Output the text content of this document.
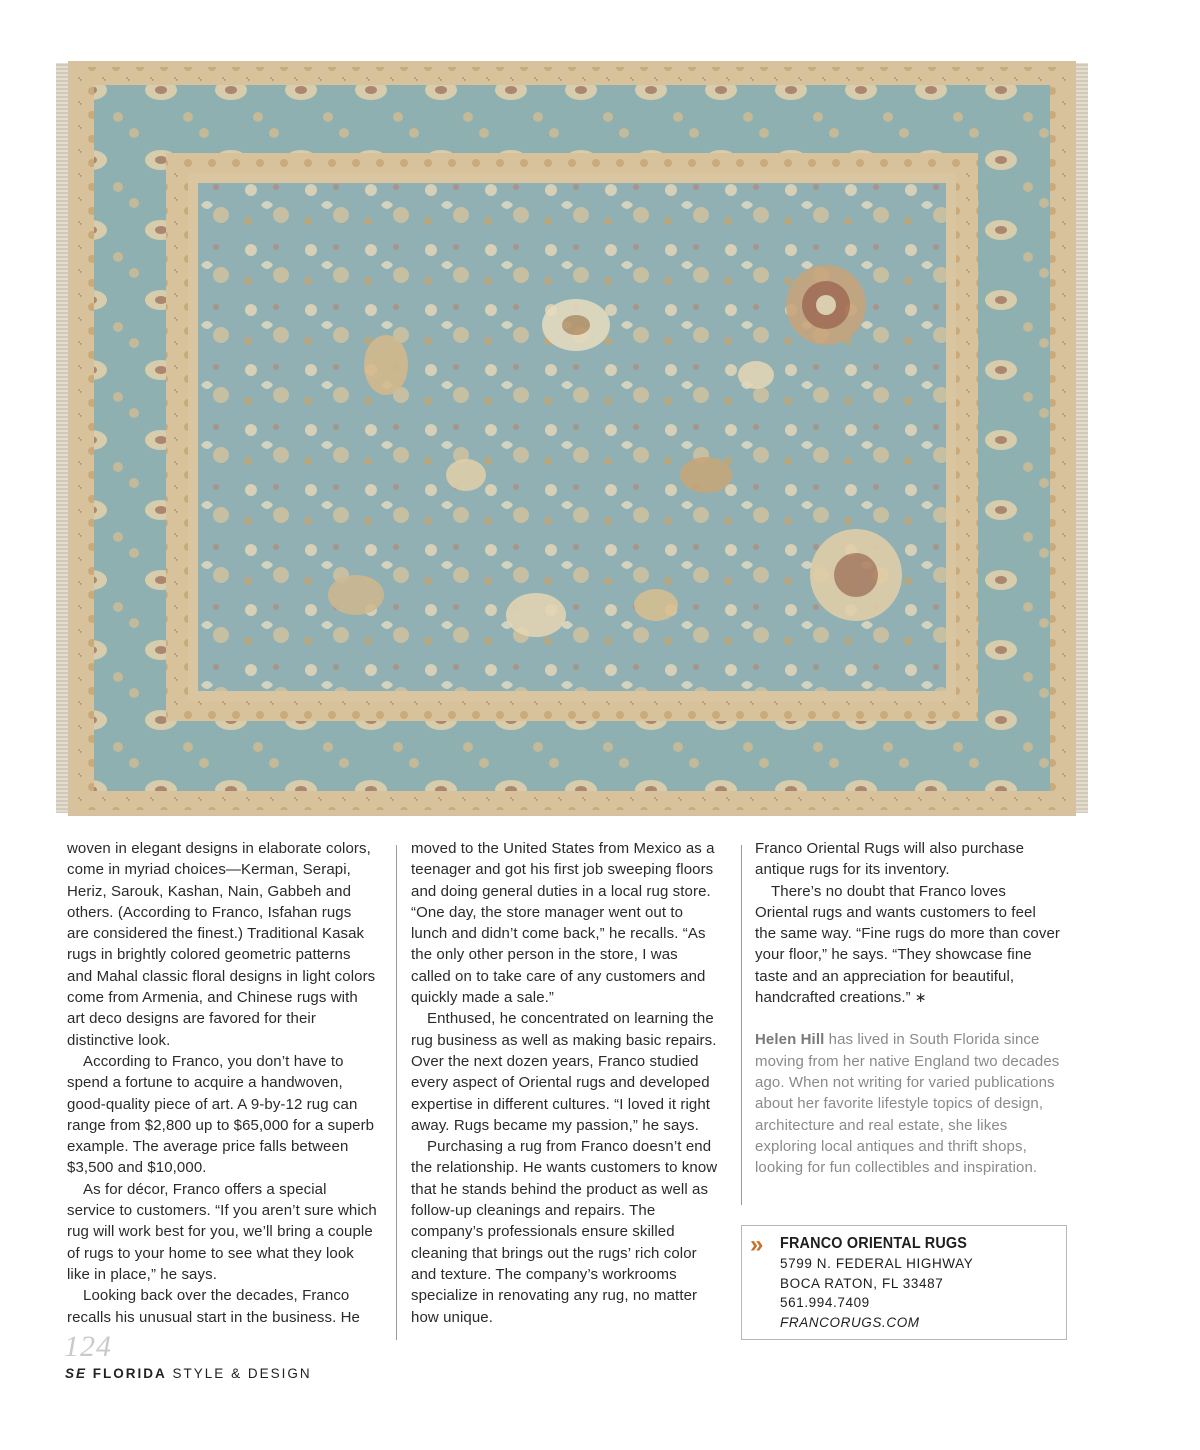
woven in elegant designs in elaborate colors, come in myriad choices—Kerman, Serapi, Heriz, Sarouk, Kashan, Nain, Gabbeh and others. (According to Franco, Isfahan rugs are considered the finest.) Traditional Kasak rugs in brightly colored geometric patterns and Mahal classic floral designs in light colors come from Armenia, and Chinese rugs with art deco designs are favored for their distinctive look.

According to Franco, you don’t have to spend a fortune to acquire a handwoven, good-quality piece of art. A 9-by-12 rug can range from $2,800 up to $65,000 for a superb example. The average price falls between $3,500 and $10,000.

As for décor, Franco offers a special service to customers. “If you aren’t sure which rug will work best for you, we’ll bring a couple of rugs to your home to see what they look like in place,” he says.

Looking back over the decades, Franco recalls his unusual start in the business. He

moved to the United States from Mexico as a teenager and got his first job sweeping floors and doing general duties in a local rug store. “One day, the store manager went out to lunch and didn’t come back,” he recalls. “As the only other person in the store, I was called on to take care of any customers and quickly made a sale.”

Enthused, he concentrated on learning the rug business as well as making basic repairs. Over the next dozen years, Franco studied every aspect of Oriental rugs and developed expertise in different cultures. “I loved it right away. Rugs became my passion,” he says.

Purchasing a rug from Franco doesn’t end the relationship. He wants customers to know that he stands behind the product as well as follow-up cleanings and repairs. The company’s professionals ensure skilled cleaning that brings out the rugs’ rich color and texture. The company’s workrooms specialize in renovating any rug, no matter how unique.

Franco Oriental Rugs will also purchase antique rugs for its inventory.

There’s no doubt that Franco loves Oriental rugs and wants customers to feel the same way. “Fine rugs do more than cover your floor,” he says. “They showcase fine taste and an appreciation for beautiful, handcrafted creations.” ∗

Helen Hill has lived in South Florida since moving from her native England two decades ago. When not writing for varied publications about her favorite lifestyle topics of design, architecture and real estate, she likes exploring local antiques and thrift shops, looking for fun collectibles and inspiration.

» FRANCO ORIENTAL RUGS
5799 N. FEDERAL HIGHWAY
BOCA RATON, FL 33487
561.994.7409
FRANCORUGS.COM
124
SE FLORIDA STYLE & DESIGN
